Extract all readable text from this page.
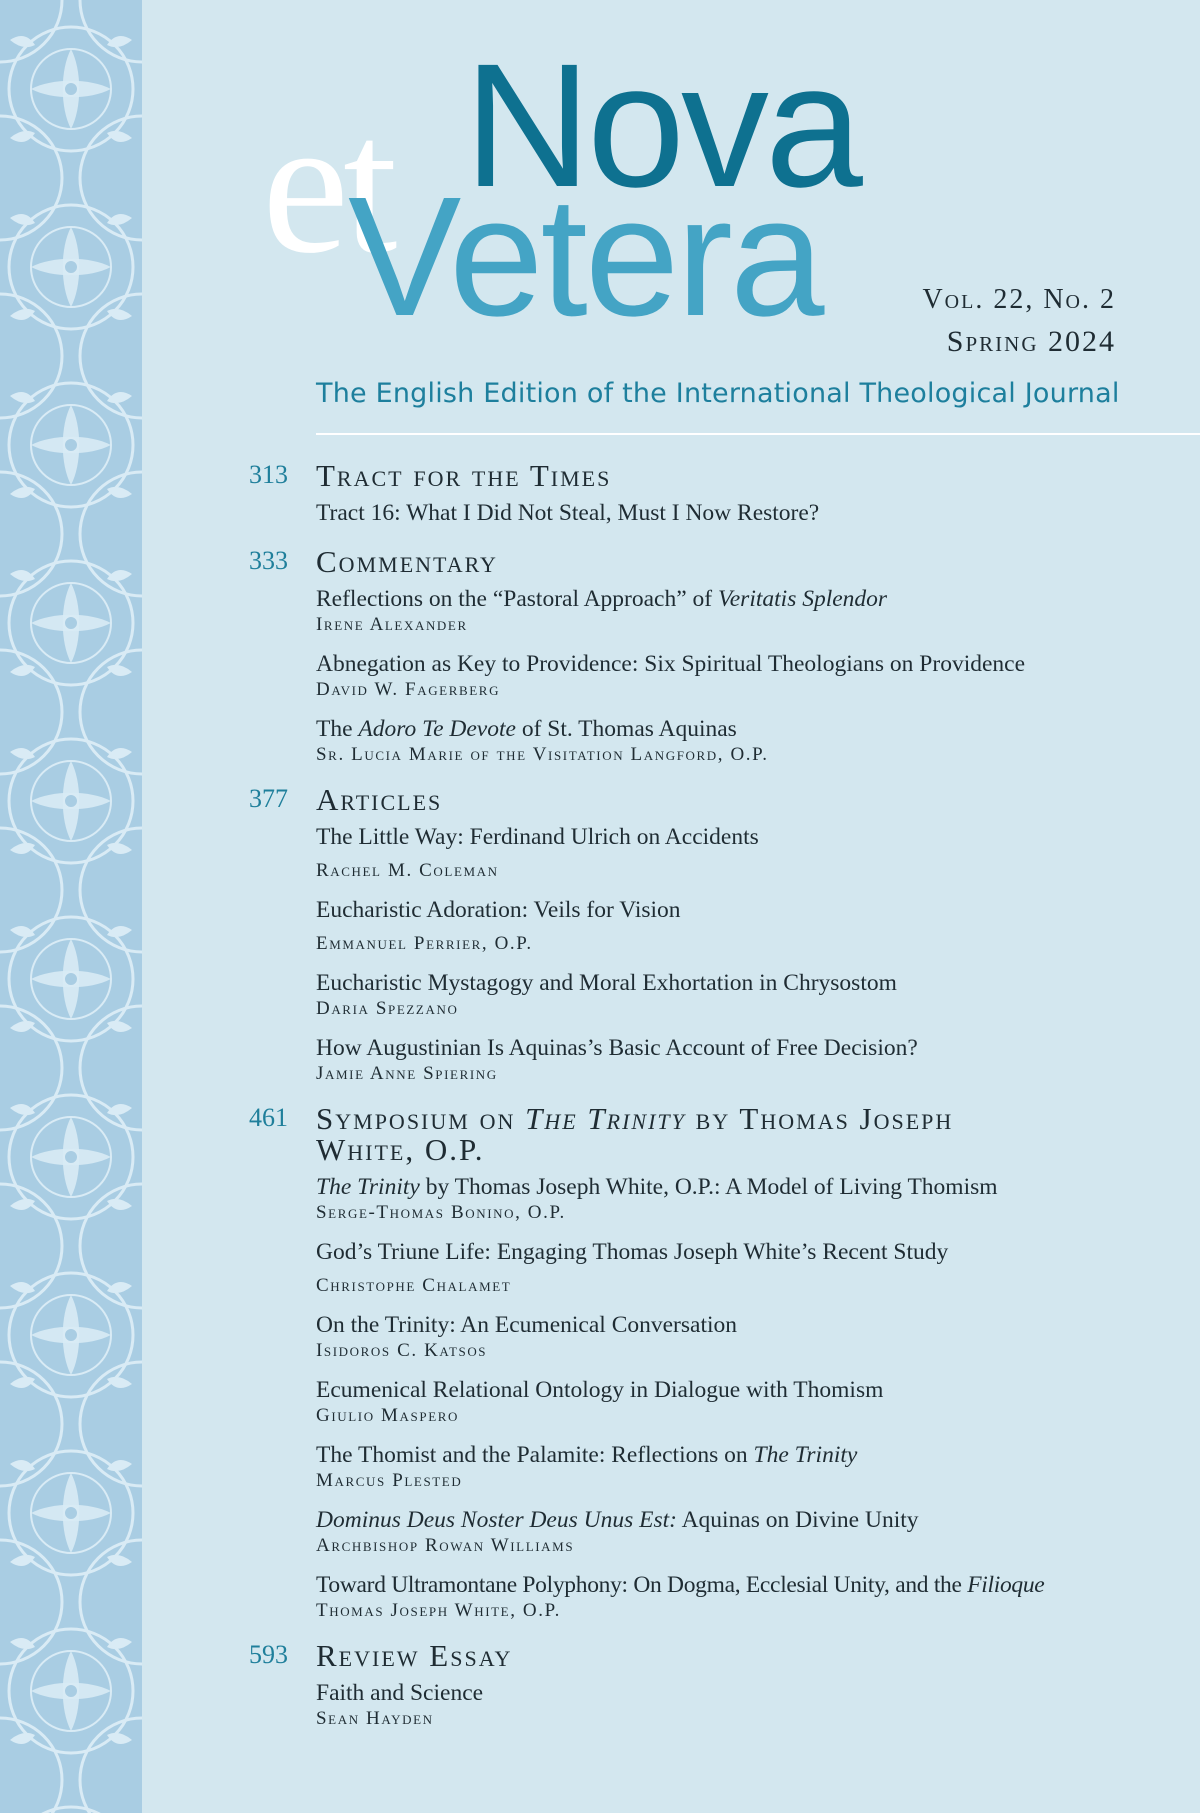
et Nova
Vetera	Vol. 22, No. 2
Spring 2024
The English Edition of the International Theological Journal
313 Tract for the Times
Tract 16: What I Did Not Steal, Must I Now Restore?
333 Commentary
Reflections on the “Pastoral Approach” of Veritatis Splendor
Irene Alexander
Abnegation as Key to Providence: Six Spiritual Theologians on Providence
David W. Fagerberg
The Adoro Te Devote of St. Thomas Aquinas
Sr. Lucia Marie of the Visitation Langford, O.P.
377 Articles
The Little Way: Ferdinand Ulrich on Accidents
Rachel M. Coleman
Eucharistic Adoration: Veils for Vision
Emmanuel Perrier, O.P.
Eucharistic Mystagogy and Moral Exhortation in Chrysostom
Daria Spezzano
How Augustinian Is Aquinas’s Basic Account of Free Decision?
Jamie Anne Spiering
461 Symposium on The Trinity by Thomas Joseph
White, O.P.
The Trinity by Thomas Joseph White, O.P.: A Model of Living Thomism
Serge-Thomas Bonino, O.P.
God’s Triune Life: Engaging Thomas Joseph White’s Recent Study
Christophe Chalamet
On the Trinity: An Ecumenical Conversation
Isidoros C. Katsos
Ecumenical Relational Ontology in Dialogue with Thomism
Giulio Maspero
The Thomist and the Palamite: Reflections on The Trinity
Marcus Plested
Dominus Deus Noster Deus Unus Est: Aquinas on Divine Unity
Archbishop Rowan Williams
Toward Ultramontane Polyphony: On Dogma, Ecclesial Unity, and the Filioque
Thomas Joseph White, O.P.
593 Review Essay
Faith and Science
Sean Hayden
